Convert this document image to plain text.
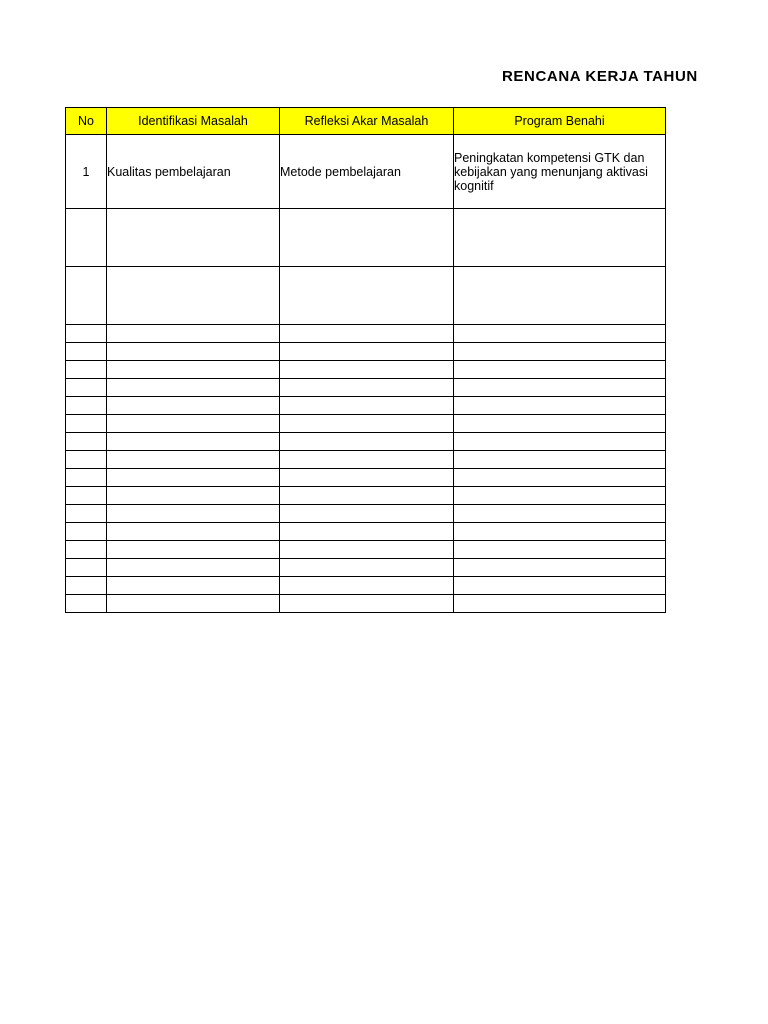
RENCANA KERJA TAHUN
No	Identifikasi Masalah	Refleksi Akar Masalah	Program Benahi
1	Kualitas pembelajaran	Metode pembelajaran	Peningkatan kompetensi GTK dan kebijakan yang menunjang aktivasi kognitif
